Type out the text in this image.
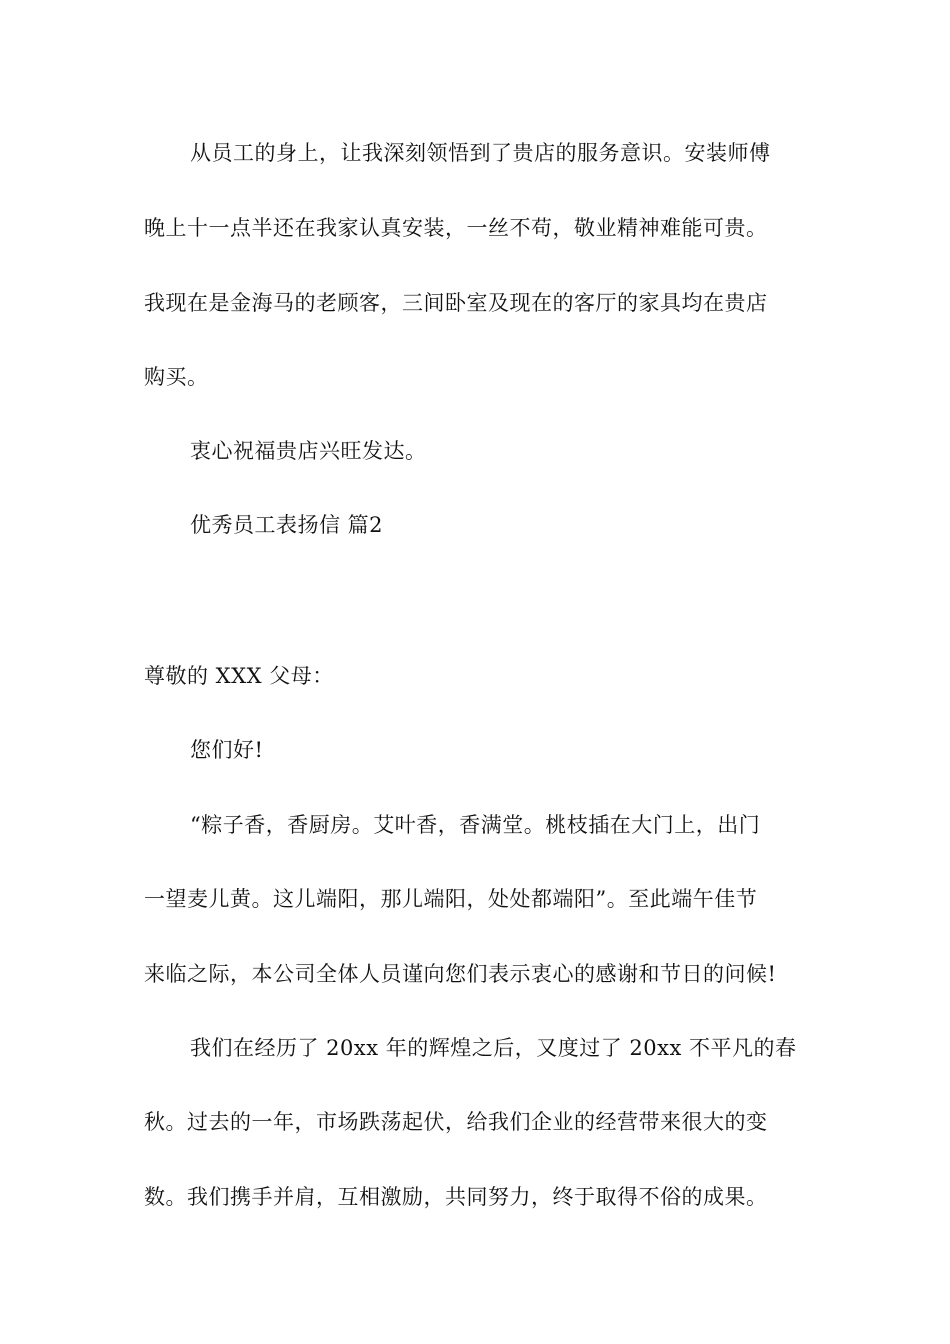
从员工的身上，让我深刻领悟到了贵店的服务意识。安装师傅
晚上十一点半还在我家认真安装，一丝不苟，敬业精神难能可贵。
我现在是金海马的老顾客，三间卧室及现在的客厅的家具均在贵店
购买。
衷心祝福贵店兴旺发达。
优秀员工表扬信 篇2
尊敬的 XXX 父母：
您们好!
“粽子香，香厨房。艾叶香，香满堂。桃枝插在大门上，出门
一望麦儿黄。这儿端阳，那儿端阳，处处都端阳”。至此端午佳节
来临之际，本公司全体人员谨向您们表示衷心的感谢和节日的问候!
我们在经历了 20xx 年的辉煌之后，又度过了 20xx 不平凡的春
秋。过去的一年，市场跌荡起伏，给我们企业的经营带来很大的变
数。我们携手并肩，互相激励，共同努力，终于取得不俗的成果。
